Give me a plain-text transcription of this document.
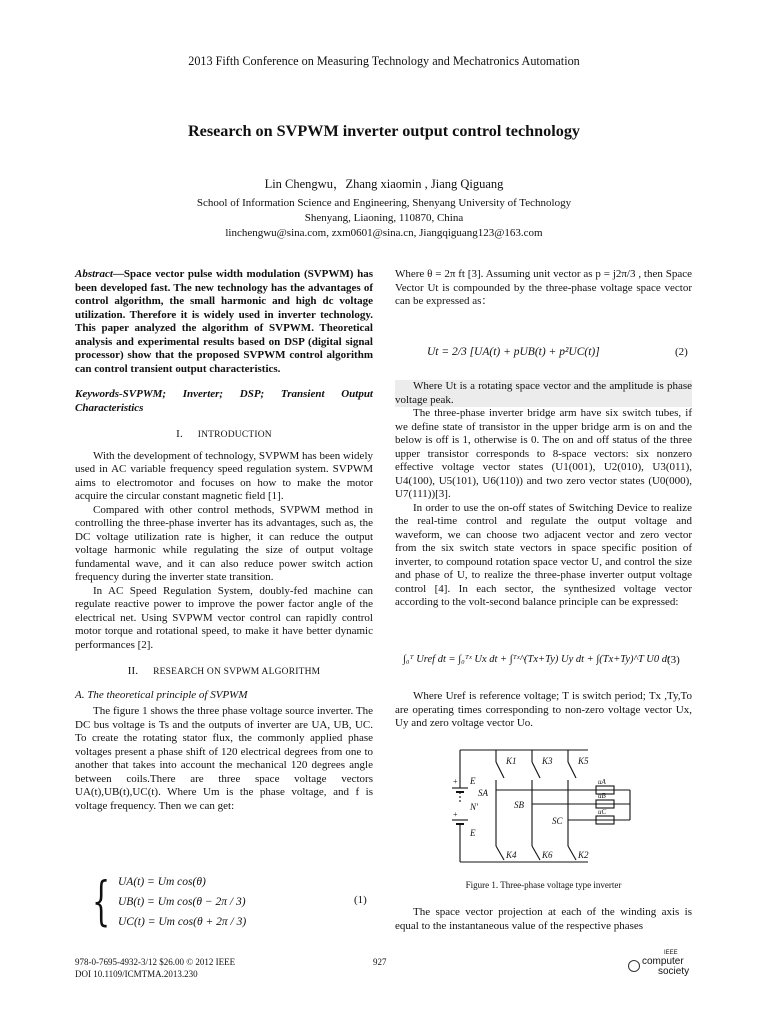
2013 Fifth Conference on Measuring Technology and Mechatronics Automation
Research on SVPWM inverter output control technology
Lin Chengwu，Zhang xiaomin , Jiang Qiguang
School of Information Science and Engineering, Shenyang University of Technology
Shenyang, Liaoning, 110870, China
linchengwu@sina.com, zxm0601@sina.cn, Jiangqiguang123@163.com

Abstract—Space vector pulse width modulation (SVPWM) has been developed fast. The new technology has the advantages of control algorithm, the small harmonic and high dc voltage utilization. Therefore it is widely used in inverter technology. This paper analyzed the algorithm of SVPWM. Theoretical analysis and experimental results based on DSP (digital signal processor) show that the proposed SVPWM control algorithm can control transient output characteristics.

Keywords-SVPWM; Inverter; DSP; Transient Output Characteristics

I. INTRODUCTION

With the development of technology, SVPWM has been widely used in AC variable frequency speed regulation system. SVPWM aims to electromotor and focuses on how to make the motor acquire the circular constant magnetic field [1].

Compared with other control methods, SVPWM method in controlling the three-phase inverter has its advantages, such as, the DC voltage utilization rate is higher, it can reduce the output voltage harmonic while regulating the size of output voltage fundamental wave, and it can also reduce power switch action frequency during the inverter state transition.

In AC Speed Regulation System, doubly-fed machine can regulate reactive power to improve the power factor angle of the electrical net. Using SVPWM vector control can rapidly control motor torque and rotational speed, to make it have better dynamic performances [2].

II. RESEARCH ON SVPWM ALGORITHM

A. The theoretical principle of SVPWM

The figure 1 shows the three phase voltage source inverter. The DC bus voltage is Ts and the outputs of inverter are UA, UB, UC. To create the rotating stator flux, the commonly applied phase voltages present a phase shift of 120 electrical degrees from one to another that takes into account the mechanical 120 degrees angle between coils.There are three space voltage vectors UA(t),UB(t),UC(t). Where Um is the phase voltage, and f is voltage frequency. Then we can get:

{ UA(t) = Um cos(θ)
UB(t) = Um cos(θ − 2π / 3)
UC(t) = Um cos(θ + 2π / 3)
(1)

Where θ = 2π ft [3]. Assuming unit vector as p = j2π/3 , then Space Vector Ut is compounded by the three-phase voltage space vector can be expressed as：

Ut = 2/3 [UA(t) + pUB(t) + p²UC(t)]	(2)

Where Ut is a rotating space vector and the amplitude is phase voltage peak.

The three-phase inverter bridge arm have six switch tubes, if we define state of transistor in the upper bridge arm is on and the below is off is 1, otherwise is 0. The on and off status of the three upper transistor corresponds to 8-space vectors: six nonzero effective voltage vector states (U1(001), U2(010), U3(011), U4(100), U5(101), U6(110)) and two zero vector states (U0(000), U7(111))[3].

In order to use the on-off states of Switching Device to realize the real-time control and regulate the output voltage and waveform, we can choose two adjacent vector and zero vector from the six switch state vectors in space specific position of inverter, to compound rotation space vector U, and control the size and phase of U, to realize the three-phase inverter output voltage control [4]. In each sector, the synthesized voltage vector according to the volt-second balance principle can be expressed:

∫₀ᵀ Uref dt = ∫₀ᵀˣ Ux dt + ∫ᵀˣ^(Tx+Ty) Uy dt + ∫(Tx+Ty)^T U0 dt
(3)

Where Uref is reference voltage; T is switch period; Tx ,Ty,To are operating times corresponding to non-zero voltage vector Ux, Uy and zero voltage vector Uo.

K1	K3	K5
K4	K6	K2
E
E
SA
SB
SC
N'
uA
uB
uC
+
+
Figure 1. Three-phase voltage type inverter

The space vector projection at each of the winding axis is equal to the instantaneous value of the respective phases

978-0-7695-4932-3/12 $26.00 © 2012 IEEE
DOI 10.1109/ICMTMA.2013.230
927
IEEE
computer
society
